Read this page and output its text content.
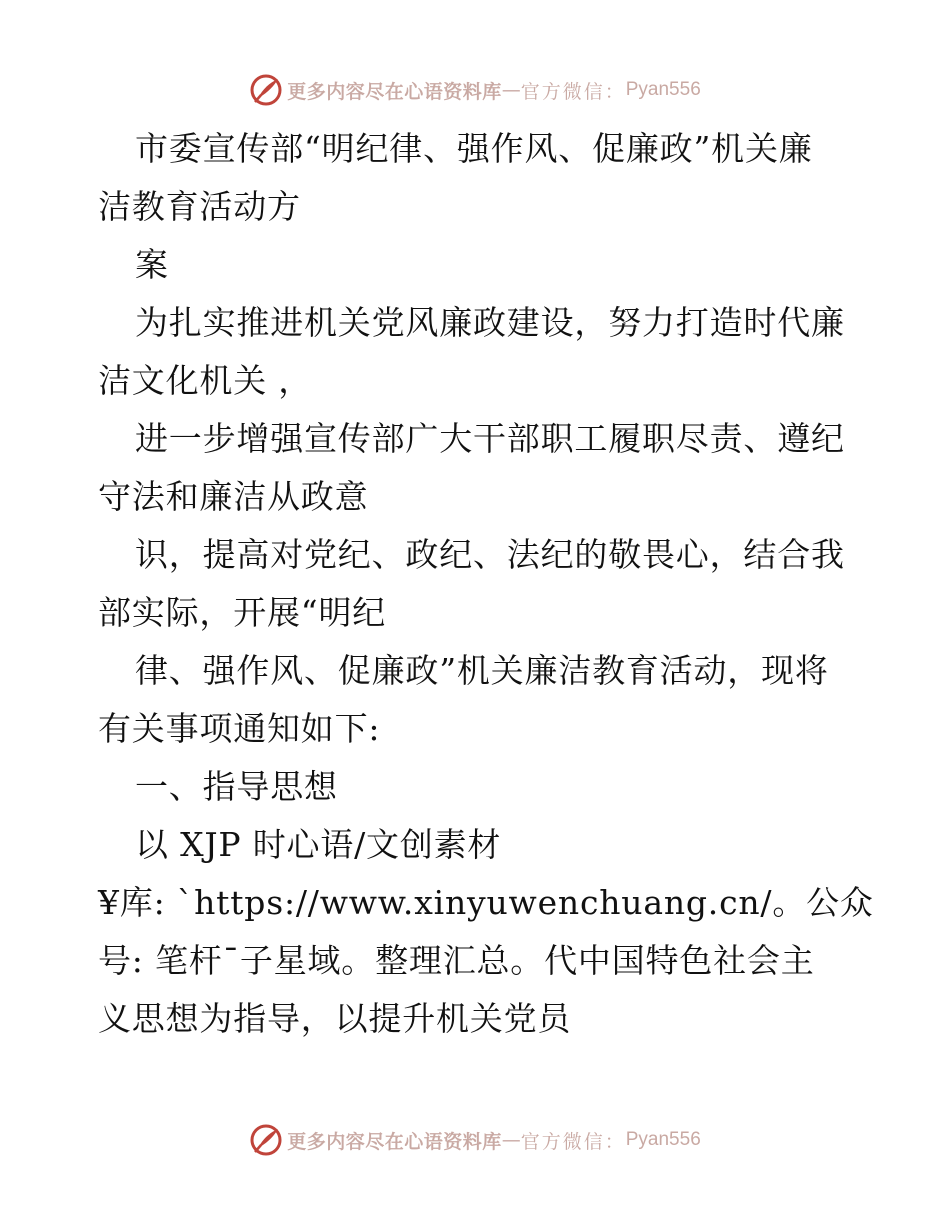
更多内容尽在心语资料库 — 官方微信： Pyan556
市委宣传部“明纪律、强作风、促廉政”机关廉
洁教育活动方
案
为扎实推进机关党风廉政建设，努力打造时代廉
洁文化机关 ，
进一步增强宣传部广大干部职工履职尽责、遵纪
守法和廉洁从政意
识，提高对党纪、政纪、法纪的敬畏心，结合我
部实际，开展“明纪
律、强作风、促廉政”机关廉洁教育活动，现将
有关事项通知如下:
一、指导思想
以 XJP 时心语/文创素材
¥库: `https://www.xinyuwenchuang.cn/。公众
号: 笔杆¯子星域。整理汇总。代中国特色社会主
义思想为指导，以提升机关党员
更多内容尽在心语资料库 — 官方微信： Pyan556
